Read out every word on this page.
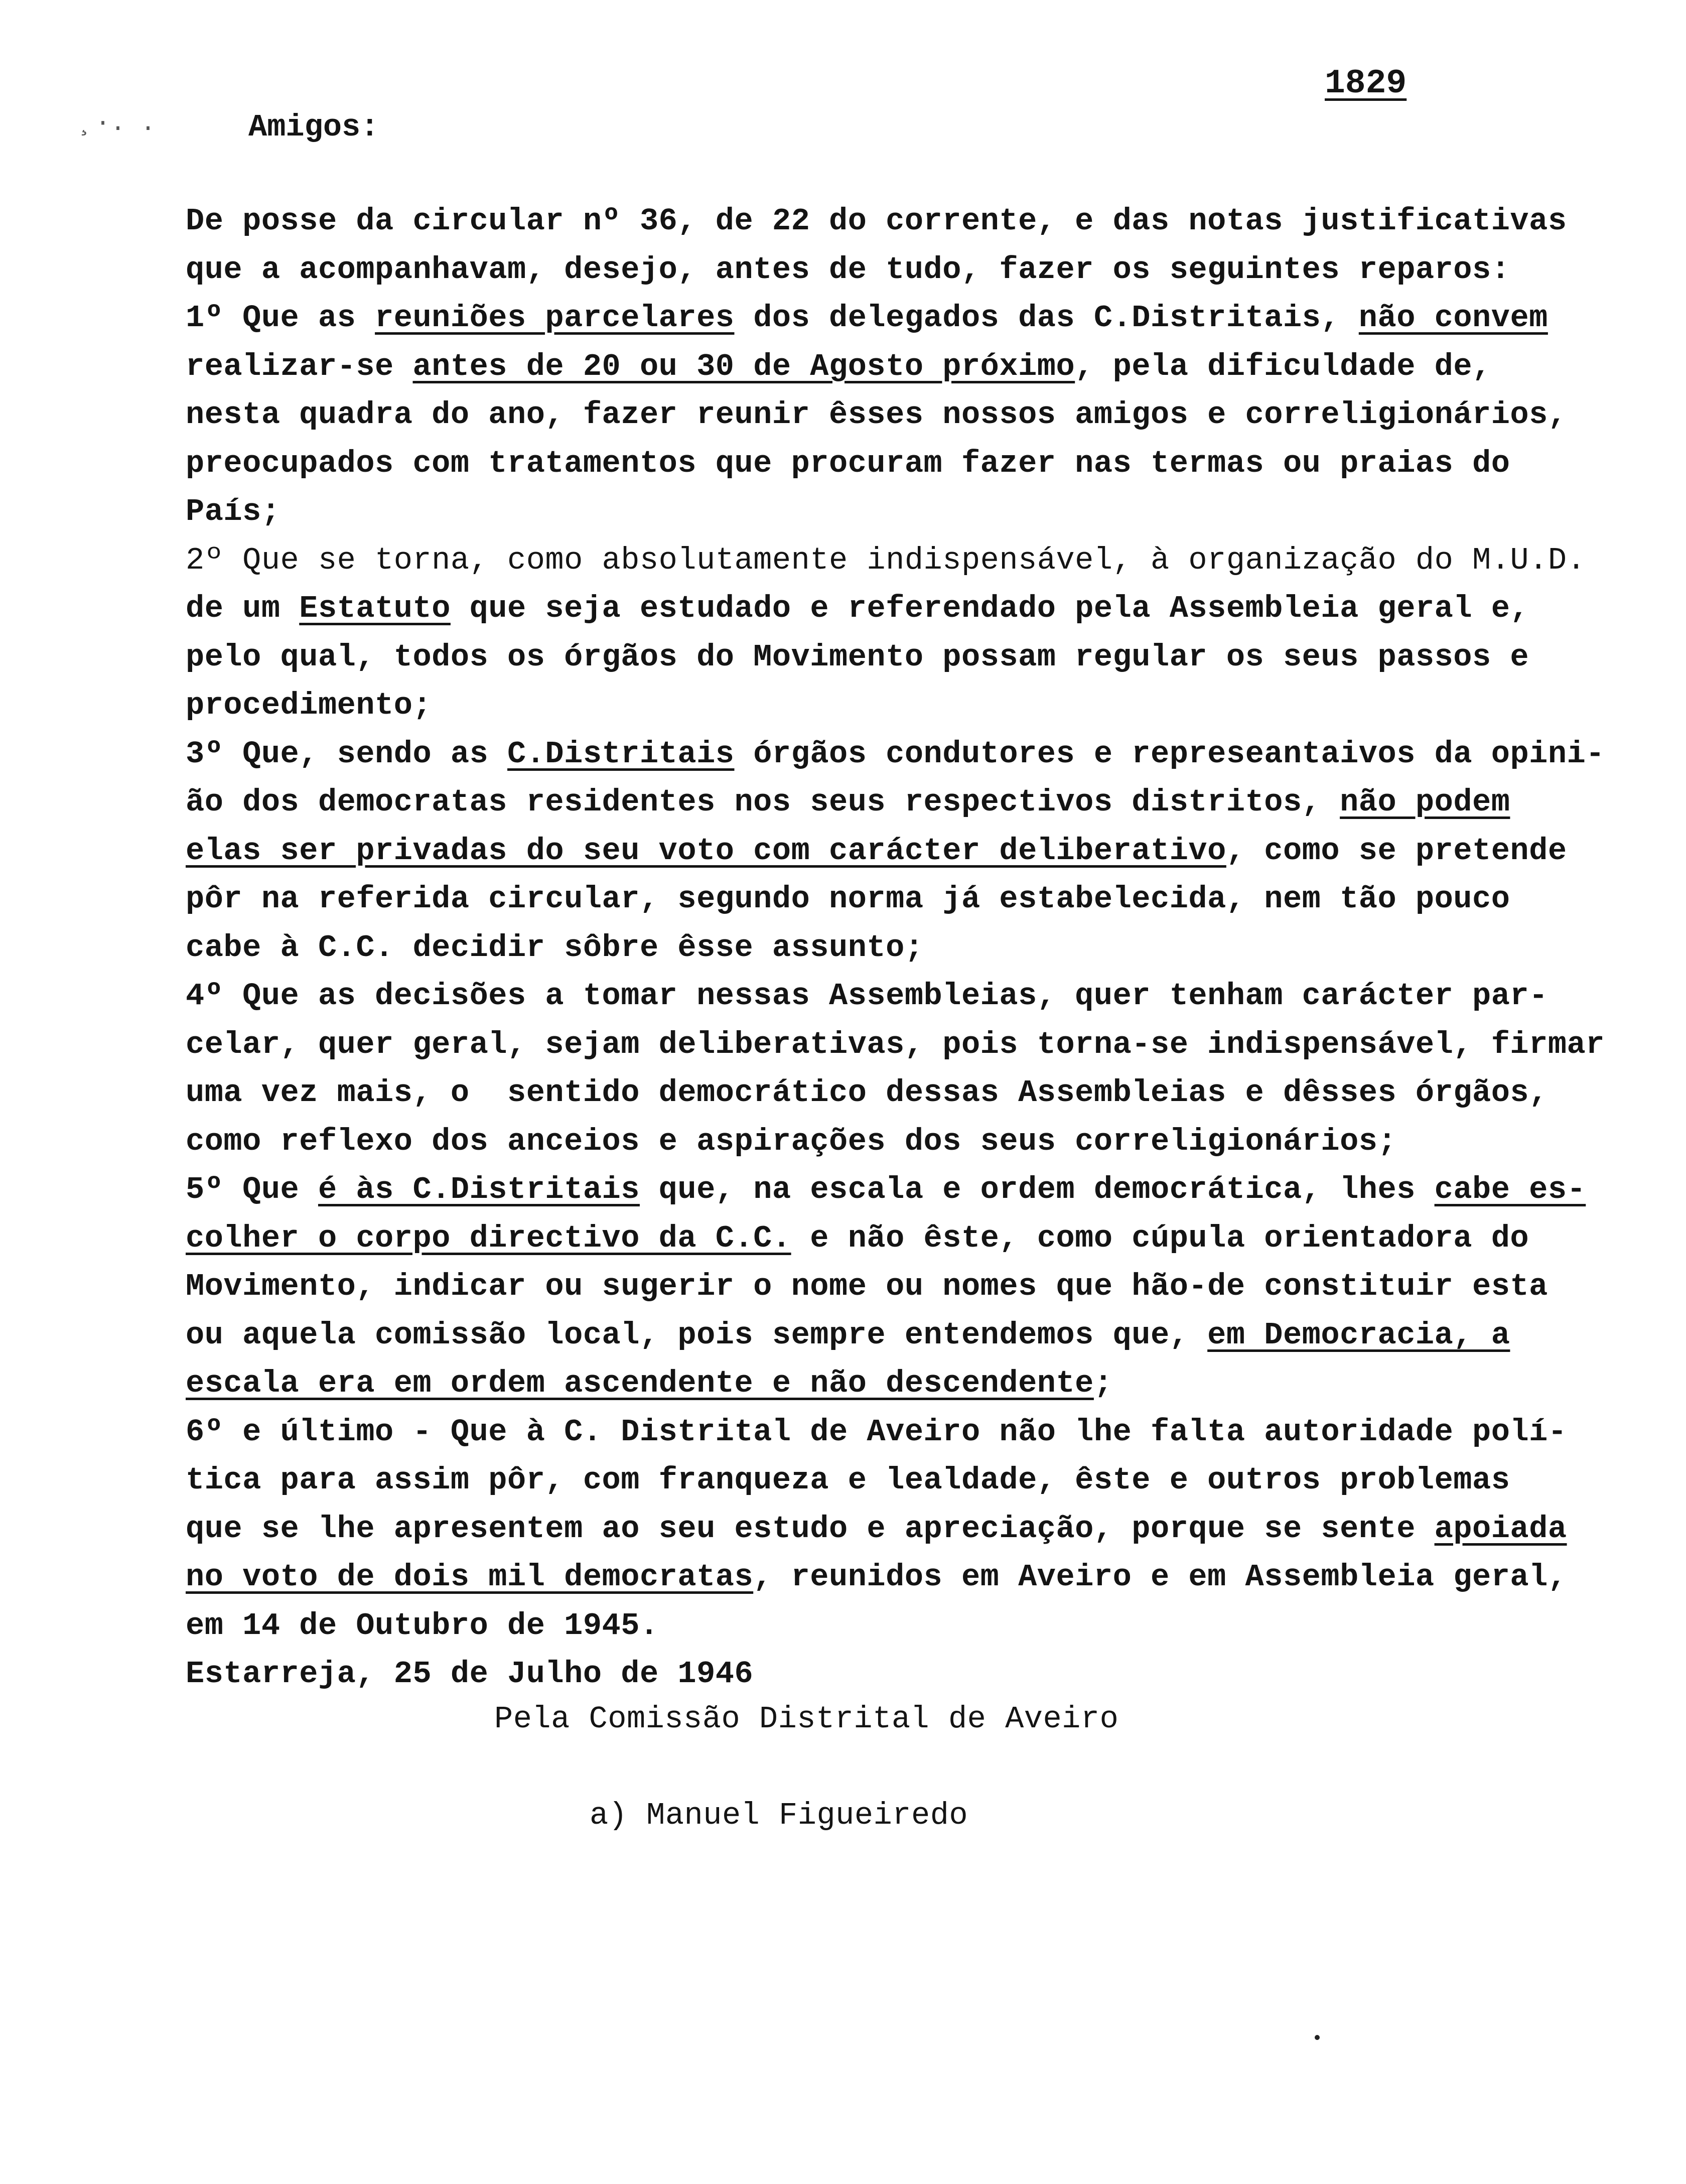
¸·. .
1829
Amigos:
De posse da circular nº 36, de 22 do corrente, e das notas justificativas
que a acompanhavam, desejo, antes de tudo, fazer os seguintes reparos:
1º Que as reuniões parcelares dos delegados das C.Distritais, não convem
realizar-se antes de 20 ou 30 de Agosto próximo, pela dificuldade de,
nesta quadra do ano, fazer reunir êsses nossos amigos e correligionários,
preocupados com tratamentos que procuram fazer nas termas ou praias do
País;
2º Que se torna, como absolutamente indispensável, à organização do M.U.D.
de um Estatuto que seja estudado e referendado pela Assembleia geral e,
pelo qual, todos os órgãos do Movimento possam regular os seus passos e
procedimento;
3º Que, sendo as C.Distritais órgãos condutores e represeantaivos da opini-
ão dos democratas residentes nos seus respectivos distritos, não podem
elas ser privadas do seu voto com carácter deliberativo, como se pretende
pôr na referida circular, segundo norma já estabelecida, nem tão pouco
cabe à C.C. decidir sôbre êsse assunto;
4º Que as decisões a tomar nessas Assembleias, quer tenham carácter par-
celar, quer geral, sejam deliberativas, pois torna-se indispensável, firmar
uma vez mais, o  sentido democrático dessas Assembleias e dêsses órgãos,
como reflexo dos anceios e aspirações dos seus correligionários;
5º Que é às C.Distritais que, na escala e ordem democrática, lhes cabe es-
colher o corpo directivo da C.C. e não êste, como cúpula orientadora do
Movimento, indicar ou sugerir o nome ou nomes que hão-de constituir esta
ou aquela comissão local, pois sempre entendemos que, em Democracia, a
escala era em ordem ascendente e não descendente;
6º e último - Que à C. Distrital de Aveiro não lhe falta autoridade polí-
tica para assim pôr, com franqueza e lealdade, êste e outros problemas
que se lhe apresentem ao seu estudo e apreciação, porque se sente apoiada
no voto de dois mil democratas, reunidos em Aveiro e em Assembleia geral,
em 14 de Outubro de 1945.
Estarreja, 25 de Julho de 1946
Pela Comissão Distrital de Aveiro
a) Manuel Figueiredo
